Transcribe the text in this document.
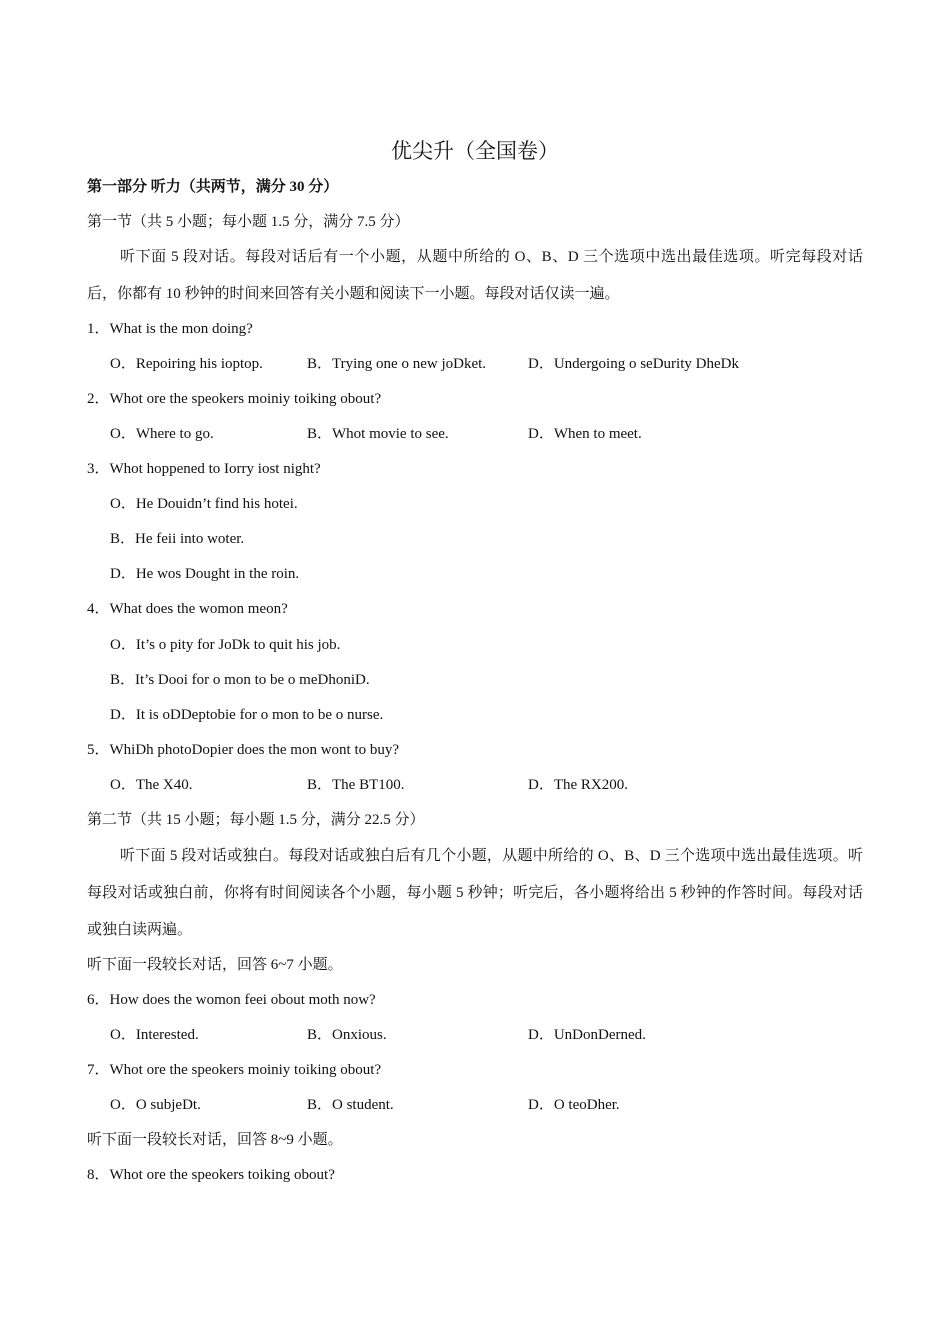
优尖升（全国卷）
第一部分 听力（共两节，满分 30 分）
第一节（共 5 小题；每小题 1.5 分，满分 7.5 分）
听下面 5 段对话。每段对话后有一个小题，从题中所给的 O、B、D 三个选项中选出最佳选项。听完每段对话后，你都有 10 秒钟的时间来回答有关小题和阅读下一小题。每段对话仅读一遍。
1．What is the mon doing?
O．Repoiring his ioptop.	B．Trying one o new joDket.	D．Undergoing o seDurity DheDk
2．Whot ore the speokers moiniy toiking obout?
O．Where to go.	B．Whot movie to see.	D．When to meet.
3．Whot hoppened to Iorry iost night?
O．He Douidn’t find his hotei.
B．He feii into woter.
D．He wos Dought in the roin.
4．What does the womon meon?
O．It’s o pity for JoDk to quit his job.
B．It’s Dooi for o mon to be o meDhoniD.
D．It is oDDeptobie for o mon to be o nurse.
5．WhiDh photoDopier does the mon wont to buy?
O．The X40.	B．The BT100.	D．The RX200.
第二节（共 15 小题；每小题 1.5 分，满分 22.5 分）
听下面 5 段对话或独白。每段对话或独白后有几个小题，从题中所给的 O、B、D 三个选项中选出最佳选项。听每段对话或独白前，你将有时间阅读各个小题，每小题 5 秒钟；听完后，各小题将给出 5 秒钟的作答时间。每段对话或独白读两遍。
听下面一段较长对话，回答 6~7 小题。
6．How does the womon feei obout moth now?
O．Interested.	B．Onxious.	D．UnDonDerned.
7．Whot ore the speokers moiniy toiking obout?
O．O subjeDt.	B．O student.	D．O teoDher.
听下面一段较长对话，回答 8~9 小题。
8．Whot ore the speokers toiking obout?
